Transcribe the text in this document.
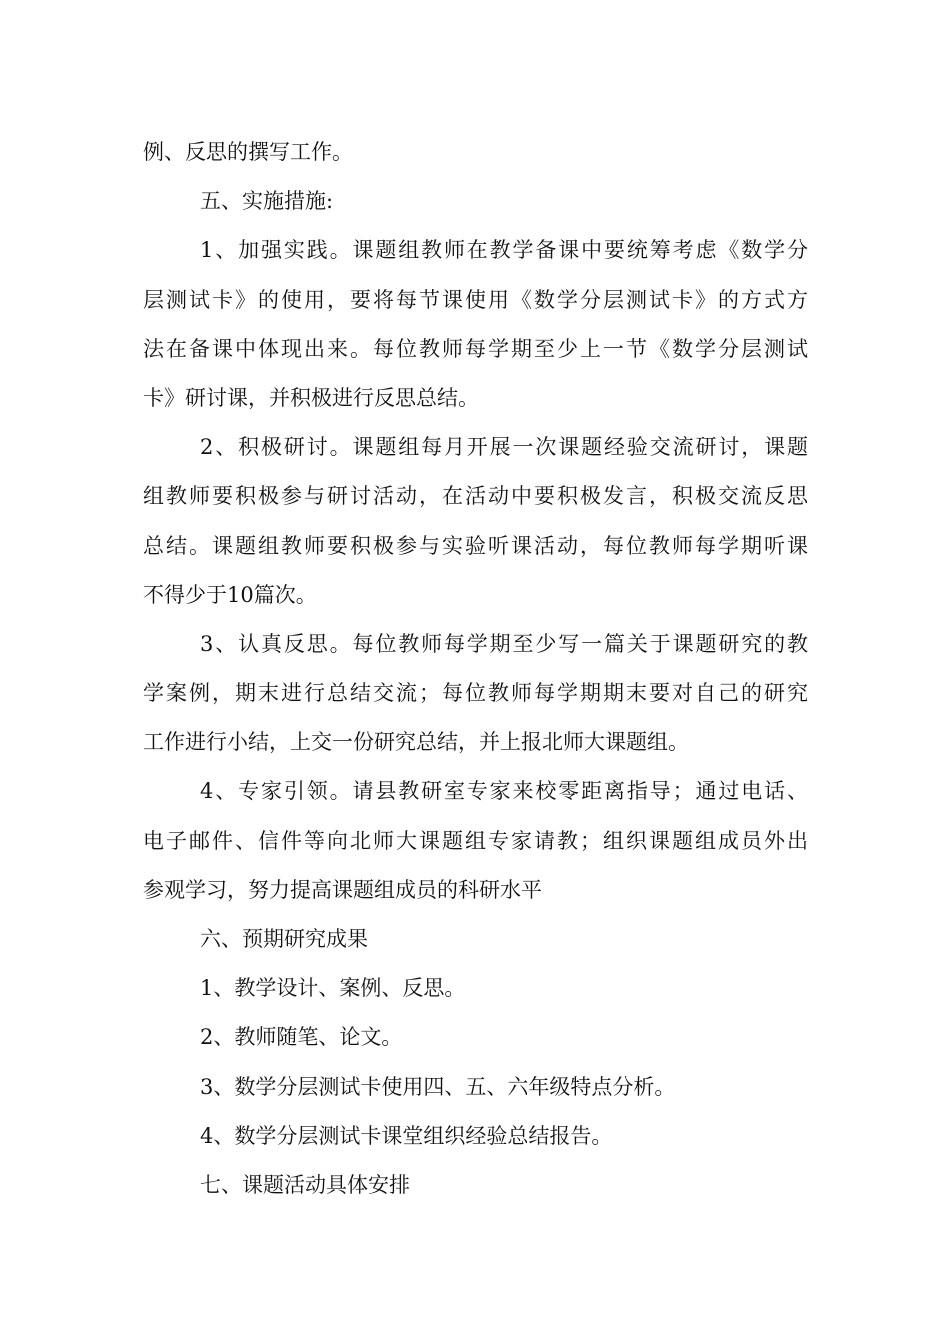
例、反思的撰写工作。
五、实施措施:
1、加强实践。课题组教师在教学备课中要统筹考虑《数学分
层测试卡》的使用，要将每节课使用《数学分层测试卡》的方式方
法在备课中体现出来。每位教师每学期至少上一节《数学分层测试
卡》研讨课，并积极进行反思总结。
2、积极研讨。课题组每月开展一次课题经验交流研讨，课题
组教师要积极参与研讨活动，在活动中要积极发言，积极交流反思
总结。课题组教师要积极参与实验听课活动，每位教师每学期听课
不得少于10篇次。
3、认真反思。每位教师每学期至少写一篇关于课题研究的教
学案例，期末进行总结交流；每位教师每学期期末要对自己的研究
工作进行小结，上交一份研究总结，并上报北师大课题组。
4、专家引领。请县教研室专家来校零距离指导；通过电话、
电子邮件、信件等向北师大课题组专家请教；组织课题组成员外出
参观学习，努力提高课题组成员的科研水平
六、预期研究成果
1、教学设计、案例、反思。
2、教师随笔、论文。
3、数学分层测试卡使用四、五、六年级特点分析。
4、数学分层测试卡课堂组织经验总结报告。
七、课题活动具体安排
